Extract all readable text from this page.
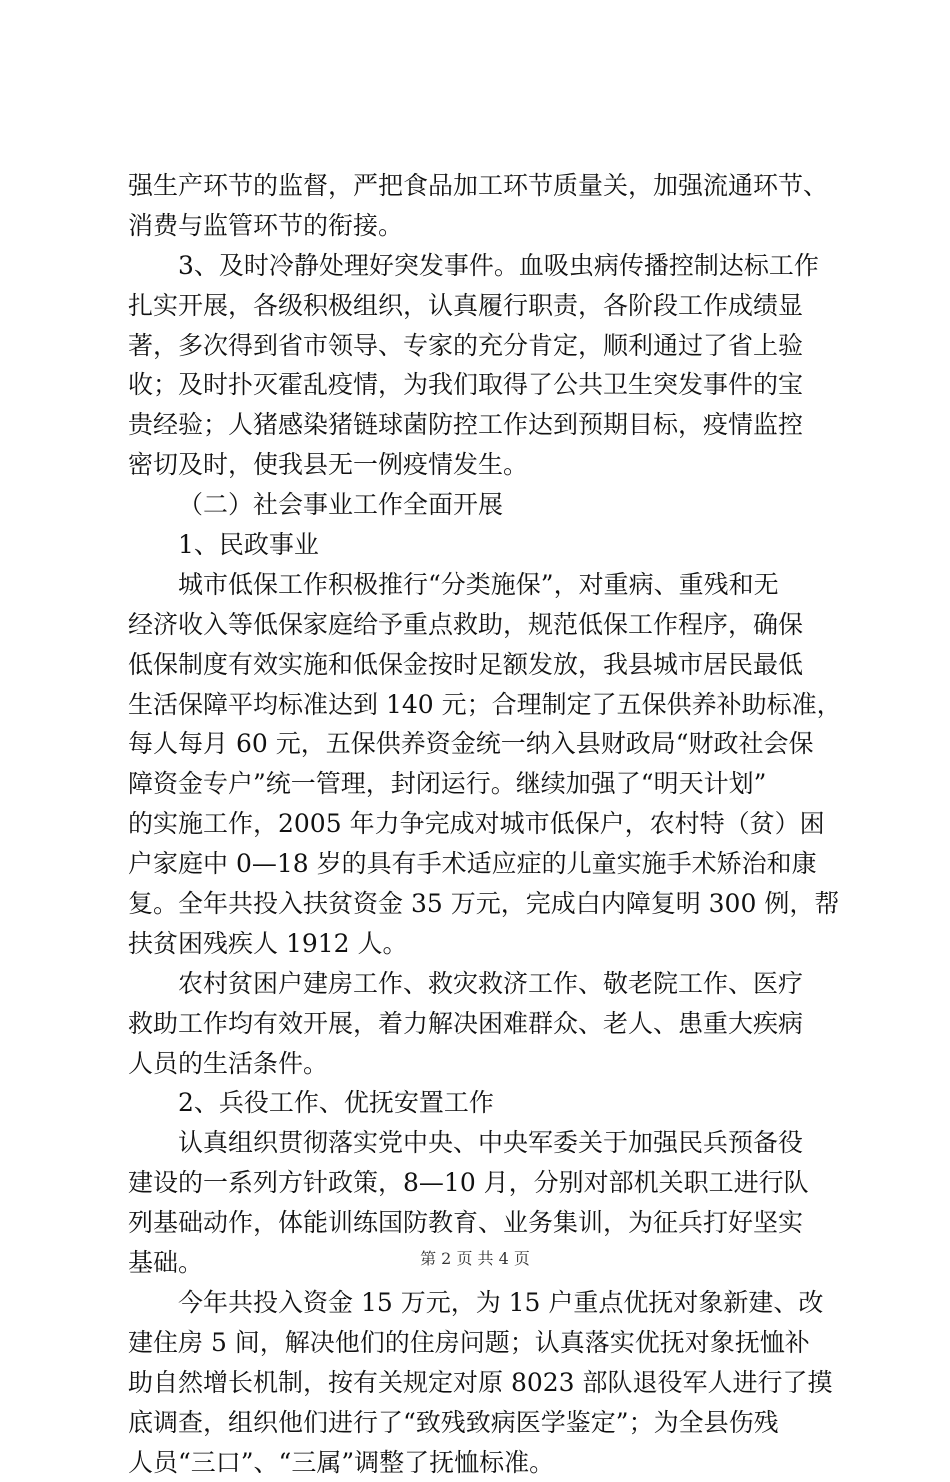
强生产环节的监督，严把食品加工环节质量关，加强流通环节、
消费与监管环节的衔接。
3、及时冷静处理好突发事件。血吸虫病传播控制达标工作
扎实开展，各级积极组织，认真履行职责，各阶段工作成绩显
著，多次得到省市领导、专家的充分肯定，顺利通过了省上验
收；及时扑灭霍乱疫情，为我们取得了公共卫生突发事件的宝
贵经验；人猪感染猪链球菌防控工作达到预期目标，疫情监控
密切及时，使我县无一例疫情发生。
（二）社会事业工作全面开展
1、民政事业
城市低保工作积极推行“分类施保”，对重病、重残和无
经济收入等低保家庭给予重点救助，规范低保工作程序，确保
低保制度有效实施和低保金按时足额发放，我县城市居民最低
生活保障平均标准达到 140 元；合理制定了五保供养补助标准，
每人每月 60 元，五保供养资金统一纳入县财政局“财政社会保
障资金专户”统一管理，封闭运行。继续加强了“明天计划”
的实施工作，2005 年力争完成对城市低保户，农村特（贫）困
户家庭中 0—18 岁的具有手术适应症的儿童实施手术矫治和康
复。全年共投入扶贫资金 35 万元，完成白内障复明 300 例，帮
扶贫困残疾人 1912 人。
农村贫困户建房工作、救灾救济工作、敬老院工作、医疗
救助工作均有效开展，着力解决困难群众、老人、患重大疾病
人员的生活条件。
2、兵役工作、优抚安置工作
认真组织贯彻落实党中央、中央军委关于加强民兵预备役
建设的一系列方针政策，8—10 月，分别对部机关职工进行队
列基础动作，体能训练国防教育、业务集训，为征兵打好坚实
基础。
今年共投入资金 15 万元，为 15 户重点优抚对象新建、改
建住房 5 间，解决他们的住房问题；认真落实优抚对象抚恤补
助自然增长机制，按有关规定对原 8023 部队退役军人进行了摸
底调查，组织他们进行了“致残致病医学鉴定”；为全县伤残
人员“三口”、“三属”调整了抚恤标准。
第 2 页 共 4 页
